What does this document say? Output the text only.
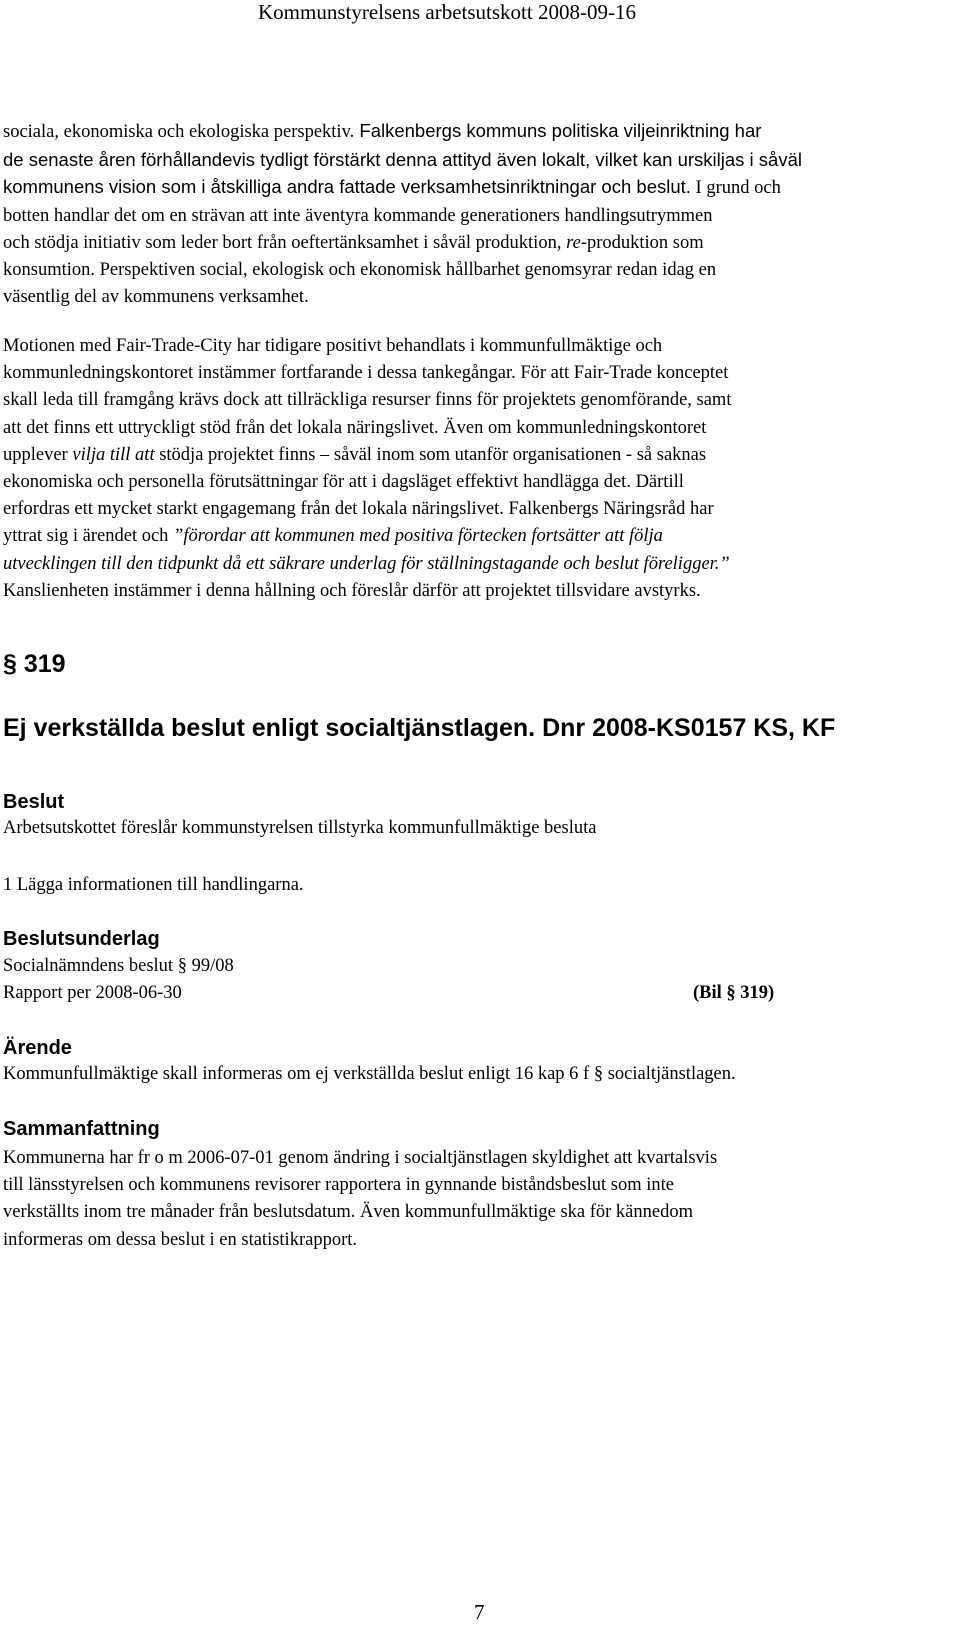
Kommunstyrelsens arbetsutskott 2008-09-16
sociala, ekonomiska och ekologiska perspektiv. Falkenbergs kommuns politiska viljeinriktning har
de senaste åren förhållandevis tydligt förstärkt denna attityd även lokalt, vilket kan urskiljas i såväl
kommunens vision som i åtskilliga andra fattade verksamhetsinriktningar och beslut. I grund och
botten handlar det om en strävan att inte äventyra kommande generationers handlingsutrymmen
och stödja initiativ som leder bort från oeftertänksamhet i såväl produktion, re-produktion som
konsumtion. Perspektiven social, ekologisk och ekonomisk hållbarhet genomsyrar redan idag en
väsentlig del av kommunens verksamhet.
Motionen med Fair-Trade-City har tidigare positivt behandlats i kommunfullmäktige och
kommunledningskontoret instämmer fortfarande i dessa tankegångar. För att Fair-Trade konceptet
skall leda till framgång krävs dock att tillräckliga resurser finns för projektets genomförande, samt
att det finns ett uttryckligt stöd från det lokala näringslivet. Även om kommunledningskontoret
upplever vilja till att stödja projektet finns – såväl inom som utanför organisationen - så saknas
ekonomiska och personella förutsättningar för att i dagsläget effektivt handlägga det. Därtill
erfordras ett mycket starkt engagemang från det lokala näringslivet. Falkenbergs Näringsråd har
yttrat sig i ärendet och ”förordar att kommunen med positiva förtecken fortsätter att följa
utvecklingen till den tidpunkt då ett säkrare underlag för ställningstagande och beslut föreligger.”
Kanslienheten instämmer i denna hållning och föreslår därför att projektet tillsvidare avstyrks.
§ 319
Ej verkställda beslut enligt socialtjänstlagen. Dnr 2008-KS0157 KS, KF
Beslut
Arbetsutskottet föreslår kommunstyrelsen tillstyrka kommunfullmäktige besluta
1 Lägga informationen till handlingarna.
Beslutsunderlag
Socialnämndens beslut § 99/08
Rapport per 2008-06-30	(Bil § 319)
Ärende
Kommunfullmäktige skall informeras om ej verkställda beslut enligt 16 kap 6 f § socialtjänstlagen.
Sammanfattning
Kommunerna har fr o m 2006-07-01 genom ändring i socialtjänstlagen skyldighet att kvartalsvis
till länsstyrelsen och kommunens revisorer rapportera in gynnande biståndsbeslut som inte
verkställts inom tre månader från beslutsdatum. Även kommunfullmäktige ska för kännedom
informeras om dessa beslut i en statistikrapport.
7
